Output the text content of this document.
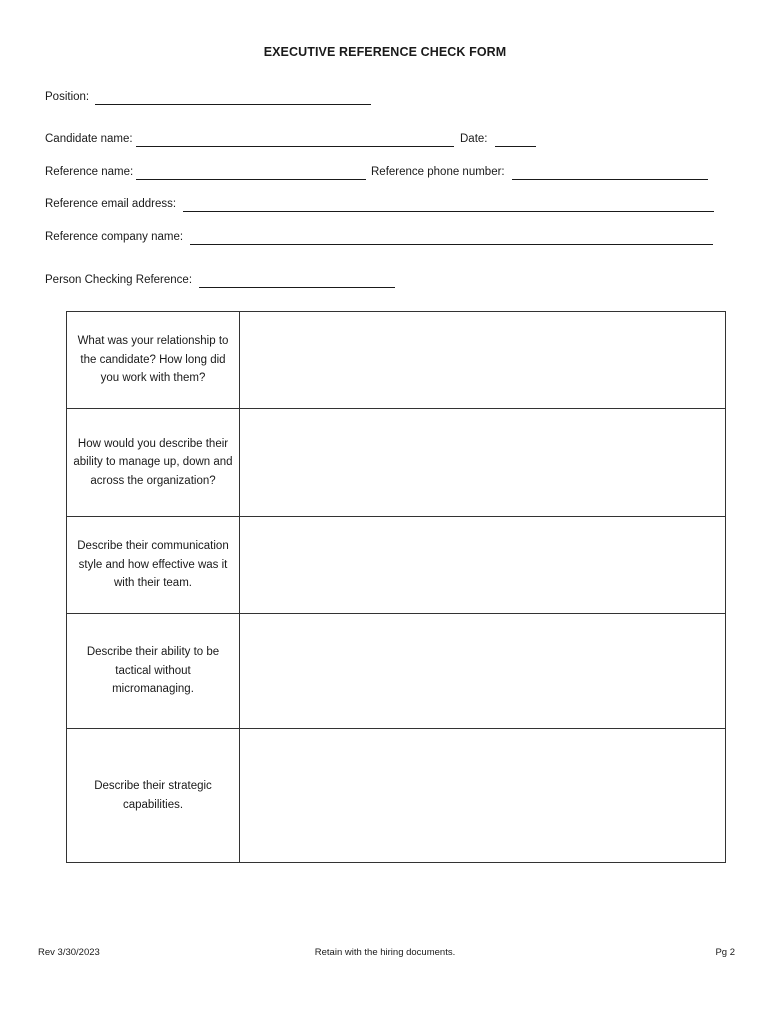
EXECUTIVE REFERENCE CHECK FORM
Position:
Candidate name:	Date:
Reference name:	Reference phone number:
Reference email address:
Reference company name:
Person Checking Reference:
What was your relationship to the candidate? How long did you work with them?	
How would you describe their ability to manage up, down and across the organization?	
Describe their communication style and how effective was it with their team.	
Describe their ability to be tactical without micromanaging.	
Describe their strategic capabilities.	
Rev 3/30/2023	Retain with the hiring documents.	Pg 2
